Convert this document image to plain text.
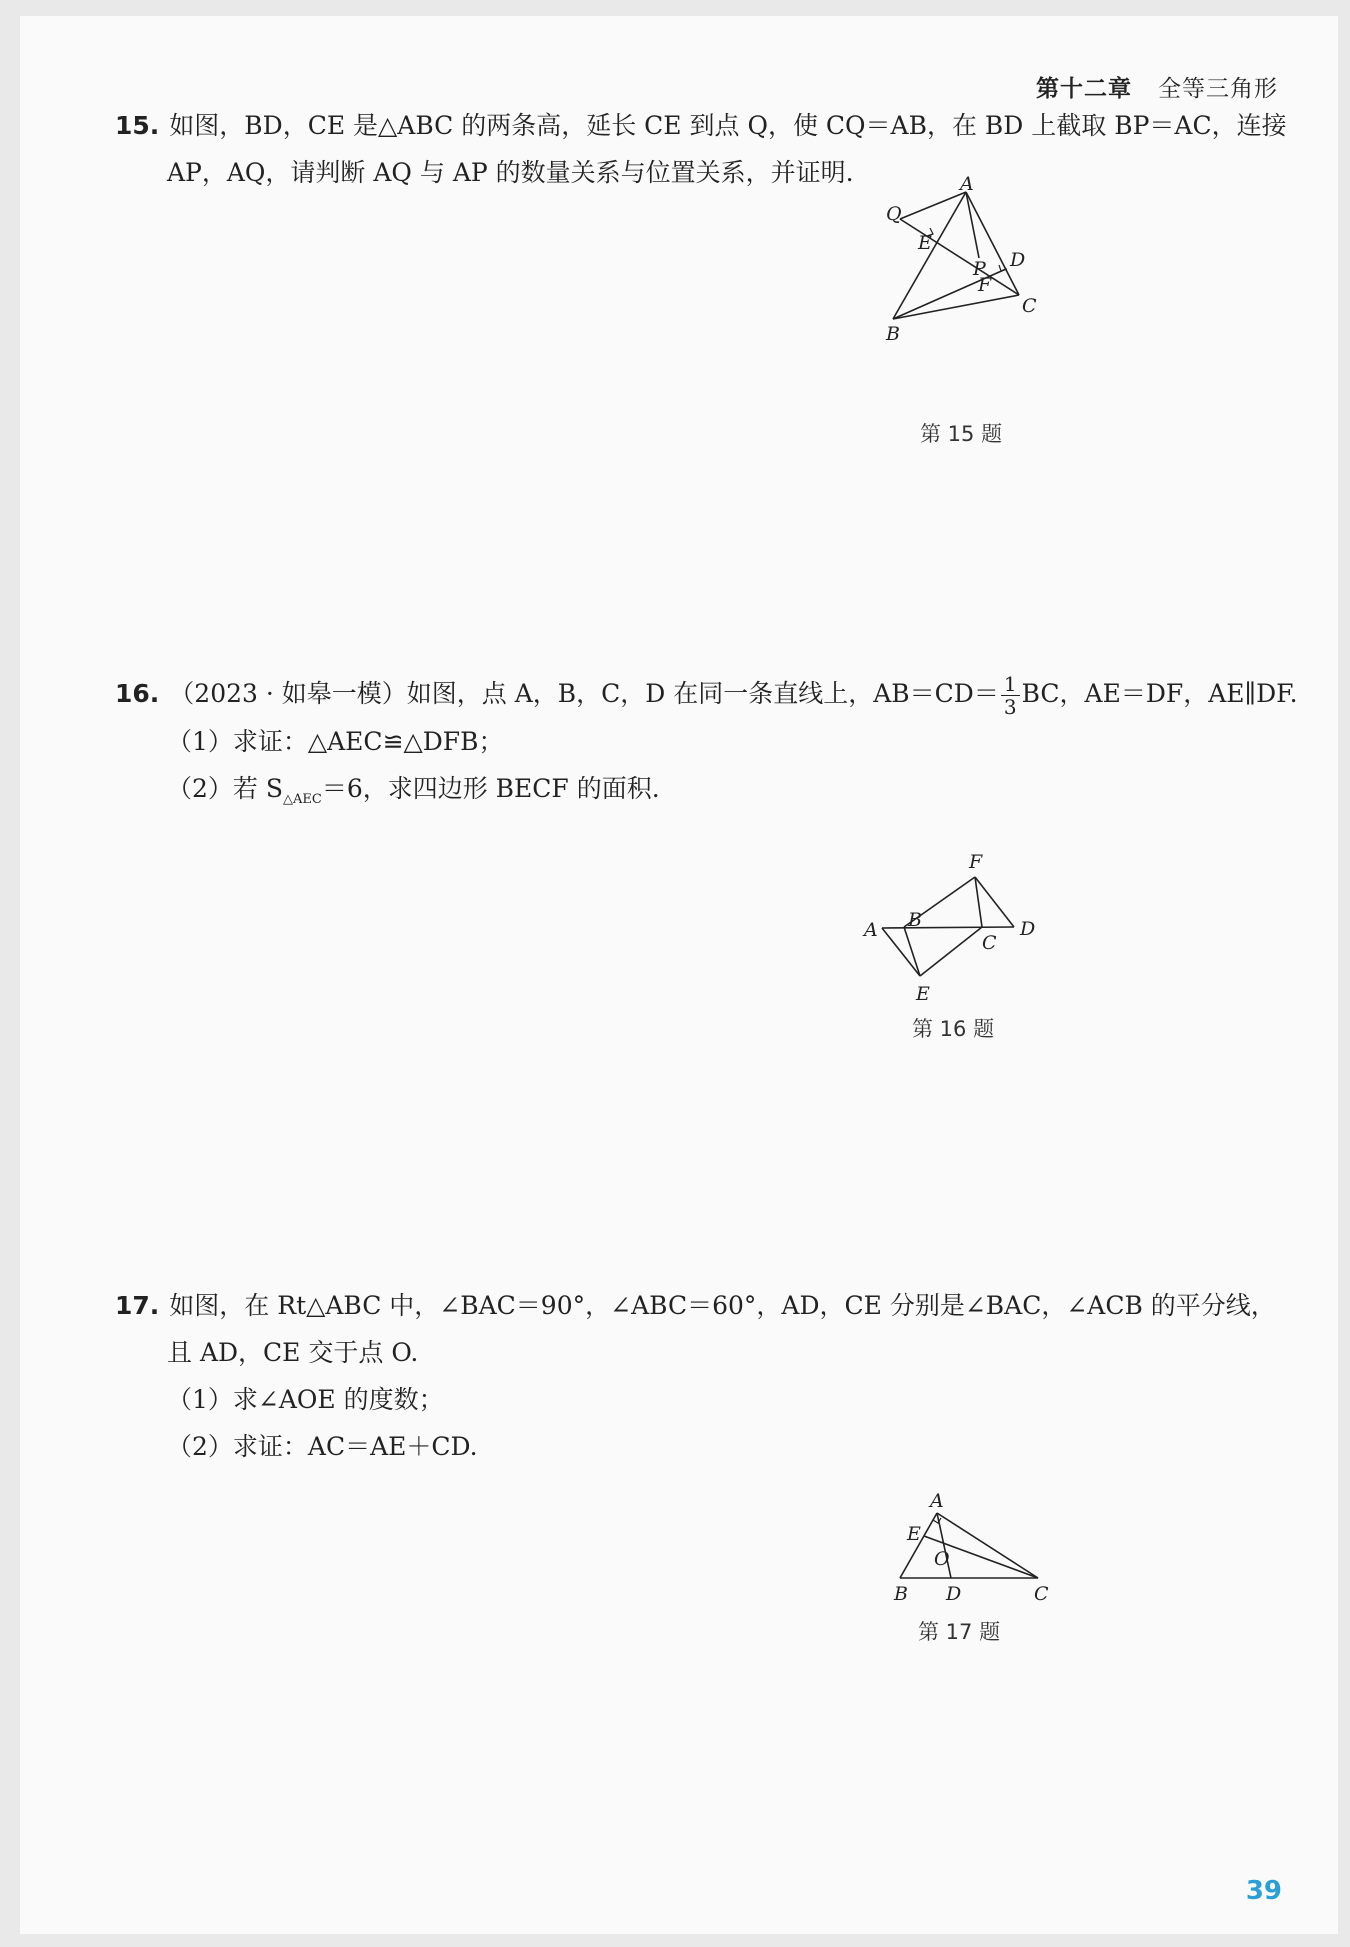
第十二章 全等三角形
15. 如图，BD，CE 是△ABC 的两条高，延长 CE 到点 Q，使 CQ＝AB，在 BD 上截取 BP＝AC，连接
AP，AQ，请判断 AQ 与 AP 的数量关系与位置关系，并证明.	A
Q
E
P D
F
C
B
第 15 题
16. （2023 · 如皋一模）如图，点 A，B，C，D 在同一条直线上，$AB=CD= \frac{1}{3}$ BC，AE＝DF，AE∥DF.
（1）求证：△AEC≌△DFB；
（2）若 $S_{\triangle AEC}=6$，求四边形 BECF 的面积.
A B
C
D
E
F
第 16 题
17. 如图，在 Rt△ABC 中，∠BAC＝90°，∠ABC＝60°，AD，CE 分别是∠BAC，∠ACB 的平分线，
且 AD，CE 交于点 O.
（1）求∠AOE 的度数；
（2）求证：AC＝AE＋CD.
A
E
O
B D	C
第 17 题
39
